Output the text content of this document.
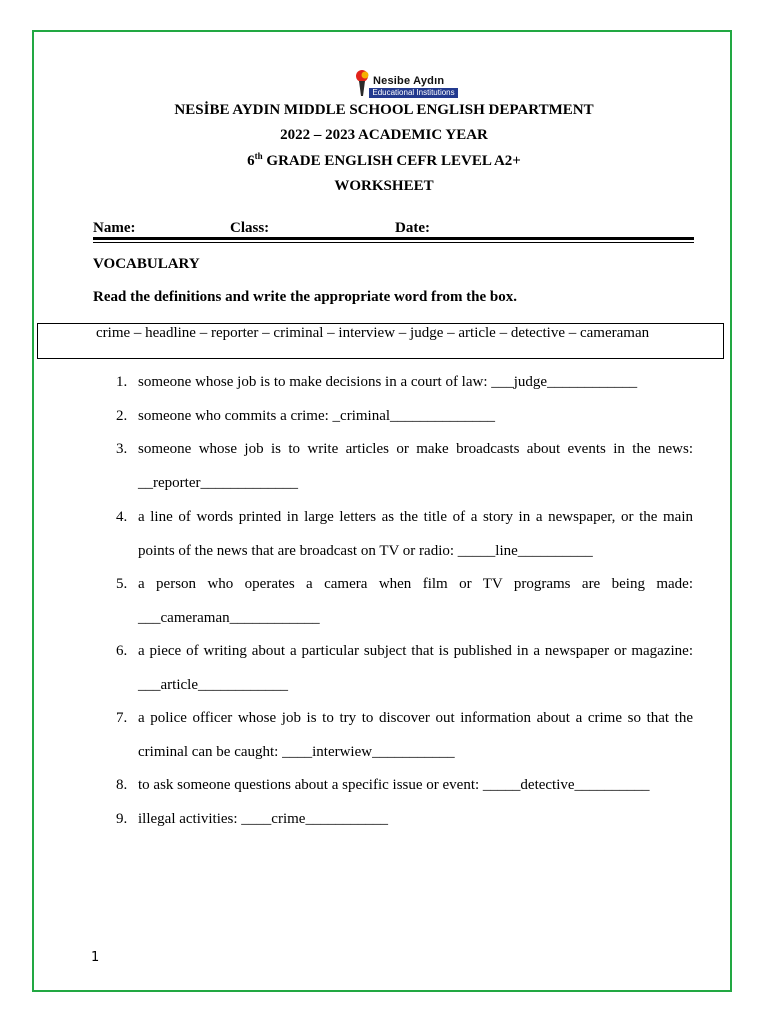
Nesibe Aydın
Educational Institutions
NESİBE AYDIN MIDDLE SCHOOL ENGLISH DEPARTMENT
2022 – 2023 ACADEMIC YEAR
6th GRADE ENGLISH CEFR LEVEL A2+
WORKSHEET
Name:	Class:	Date:
VOCABULARY
Read the definitions and write the appropriate word from the box.
crime – headline – reporter – criminal – interview – judge – article – detective – cameraman
1. someone whose job is to make decisions in a court of law: ___judge____________
2. someone who commits a crime: _criminal______________
3. someone whose job is to write articles or make broadcasts about events in the news:
__reporter_____________
4. a line of words printed in large letters as the title of a story in a newspaper, or the main
points of the news that are broadcast on TV or radio: _____line__________
5. a person who operates a camera when film or TV programs are being made:
___cameraman____________
6. a piece of writing about a particular subject that is published in a newspaper or magazine:
___article____________
7. a police officer whose job is to try to discover out information about a crime so that the
criminal can be caught: ____interwiew___________
8. to ask someone questions about a specific issue or event: _____detective__________
9. illegal activities: ____crime___________
1
